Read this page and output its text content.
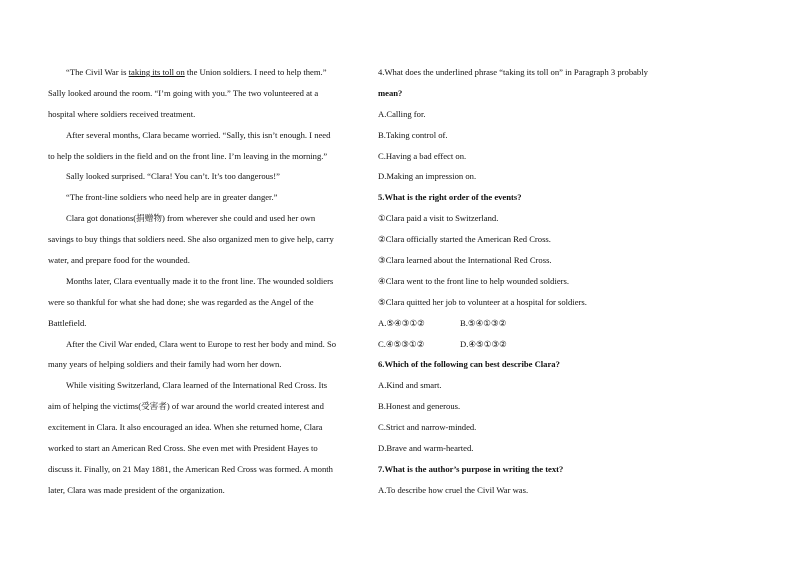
“The Civil War is taking its toll on the Union soldiers. I need to help them.”
Sally looked around the room. “I’m going with you.” The two volunteered at a
hospital where soldiers received treatment.
After several months, Clara became worried. “Sally, this isn’t enough. I need
to help the soldiers in the field and on the front line. I’m leaving in the morning.”
Sally looked surprised. “Clara! You can’t. It’s too dangerous!”
“The front-line soldiers who need help are in greater danger.”
Clara got donations(捐赠物) from wherever she could and used her own
savings to buy things that soldiers need. She also organized men to give help, carry
water, and prepare food for the wounded.
Months later, Clara eventually made it to the front line. The wounded soldiers
were so thankful for what she had done; she was regarded as the Angel of the
Battlefield.
After the Civil War ended, Clara went to Europe to rest her body and mind. So
many years of helping soldiers and their family had worn her down.
While visiting Switzerland, Clara learned of the International Red Cross. Its
aim of helping the victims(受害者) of war around the world created interest and
excitement in Clara. It also encouraged an idea. When she returned home, Clara
worked to start an American Red Cross. She even met with President Hayes to
discuss it. Finally, on 21 May 1881, the American Red Cross was formed. A month
later, Clara was made president of the organization.
4.What does the underlined phrase “taking its toll on” in Paragraph 3 probably
mean?
A.Calling for.
B.Taking control of.
C.Having a bad effect on.
D.Making an impression on.
5.What is the right order of the events?
①Clara paid a visit to Switzerland.
②Clara officially started the American Red Cross.
③Clara learned about the International Red Cross.
④Clara went to the front line to help wounded soldiers.
⑤Clara quitted her job to volunteer at a hospital for soldiers.
A.⑤④③①②	B.⑤④①③②
C.④⑤③①②	D.④⑤①③②
6.Which of the following can best describe Clara?
A.Kind and smart.
B.Honest and generous.
C.Strict and narrow-minded.
D.Brave and warm-hearted.
7.What is the author’s purpose in writing the text?
A.To describe how cruel the Civil War was.
